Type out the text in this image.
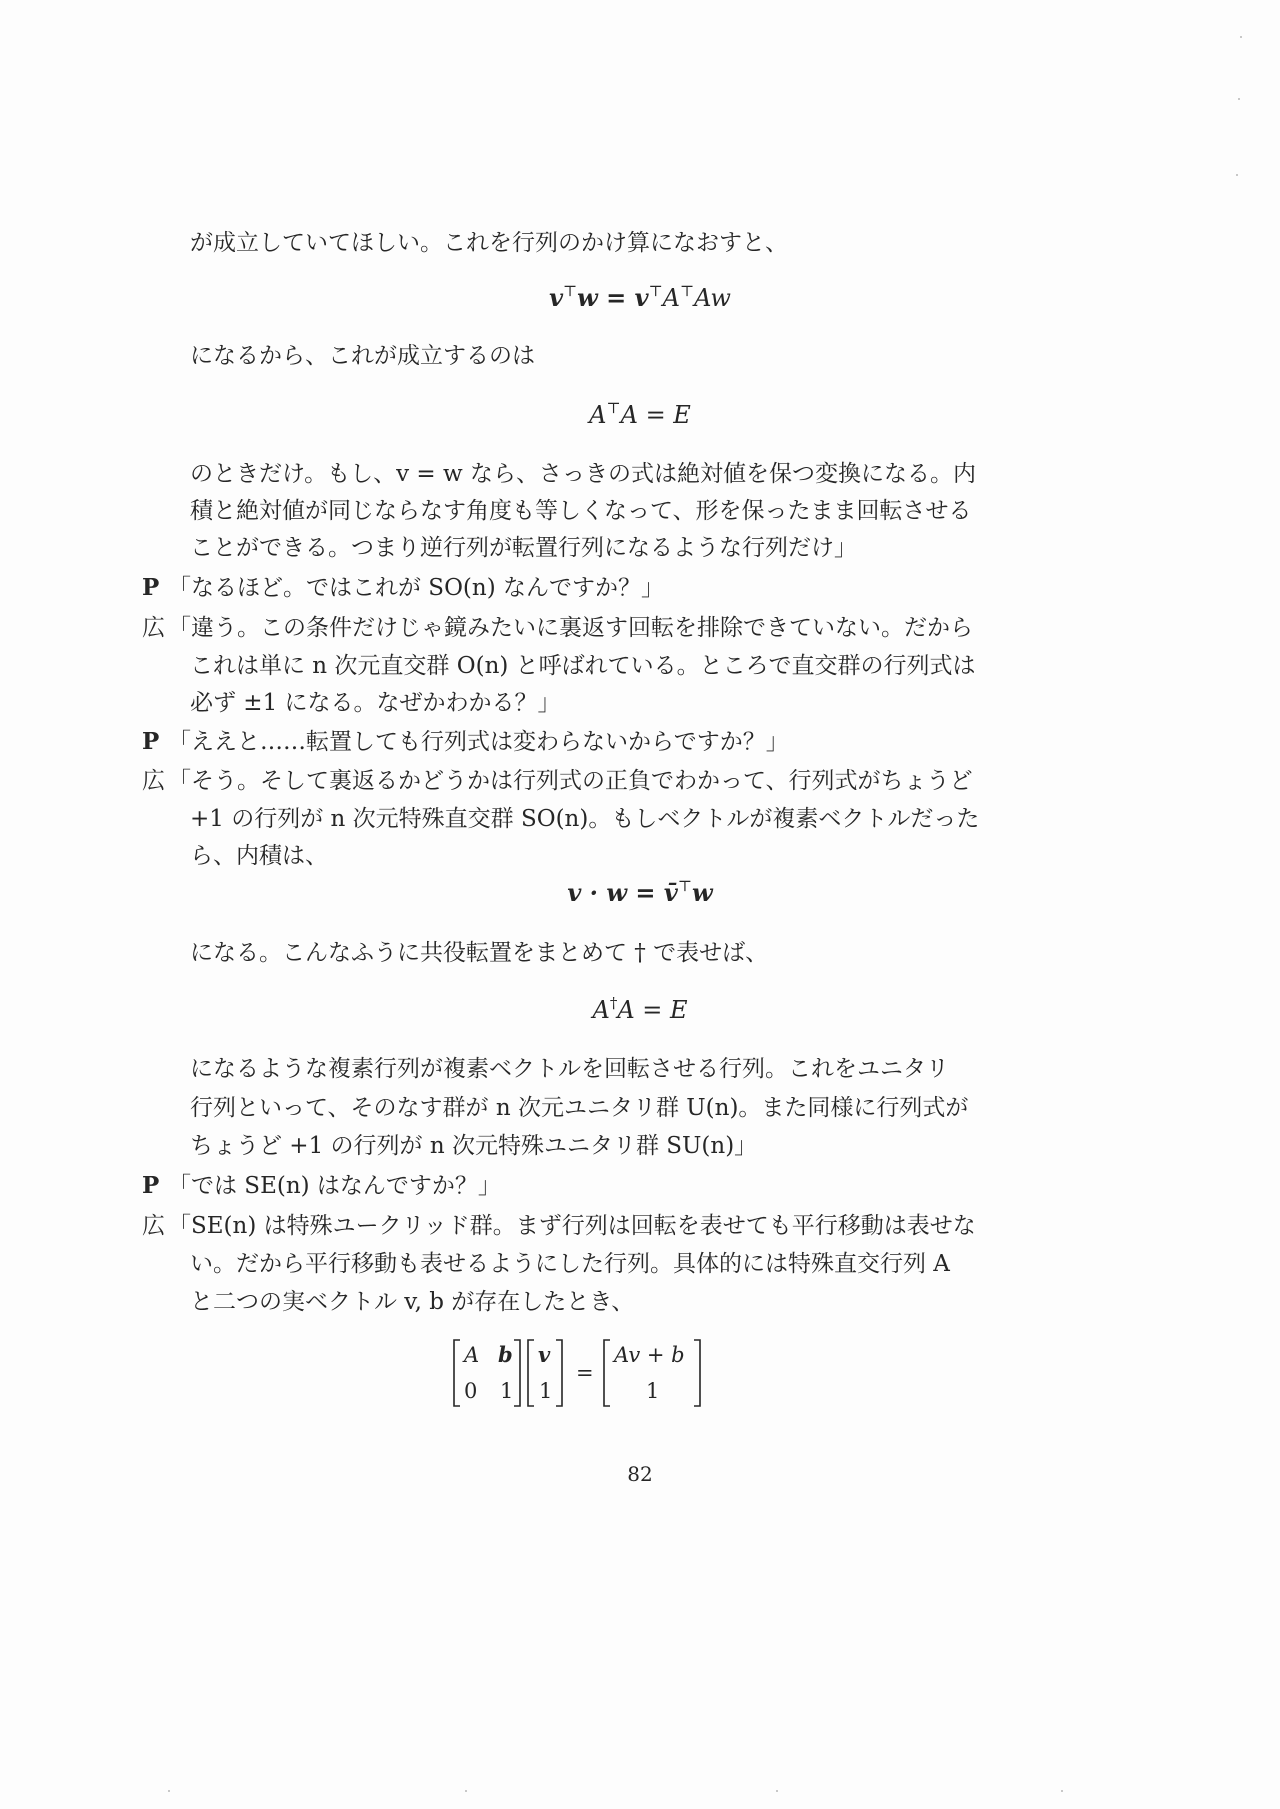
が成立していてほしい。これを行列のかけ算になおすと、
v⊤w = v⊤A⊤Aw
になるから、これが成立するのは
A⊤A = E
のときだけ。もし、v = w なら、さっきの式は絶対値を保つ変換になる。内
積と絶対値が同じならなす角度も等しくなって、形を保ったまま回転させる
ことができる。つまり逆行列が転置行列になるような行列だけ」
P 「なるほど。ではこれが SO(n) なんですか？」
広 「違う。この条件だけじゃ鏡みたいに裏返す回転を排除できていない。だから
これは単に n 次元直交群 O(n) と呼ばれている。ところで直交群の行列式は
必ず ±1 になる。なぜかわかる？」
P 「ええと……転置しても行列式は変わらないからですか？」
広 「そう。そして裏返るかどうかは行列式の正負でわかって、行列式がちょうど
+1 の行列が n 次元特殊直交群 SO(n)。もしベクトルが複素ベクトルだった
ら、内積は、
v · w = v̄⊤w
になる。こんなふうに共役転置をまとめて † で表せば、
A†A = E
になるような複素行列が複素ベクトルを回転させる行列。これをユニタリ
行列といって、そのなす群が n 次元ユニタリ群 U(n)。また同様に行列式が
ちょうど +1 の行列が n 次元特殊ユニタリ群 SU(n)」
P 「では SE(n) はなんですか？」
広 「SE(n) は特殊ユークリッド群。まず行列は回転を表せても平行移動は表せな
い。だから平行移動も表せるようにした行列。具体的には特殊直交行列 A
と二つの実ベクトル v, b が存在したとき、
A b
0 1
v
1
=
Av + b
1
82
